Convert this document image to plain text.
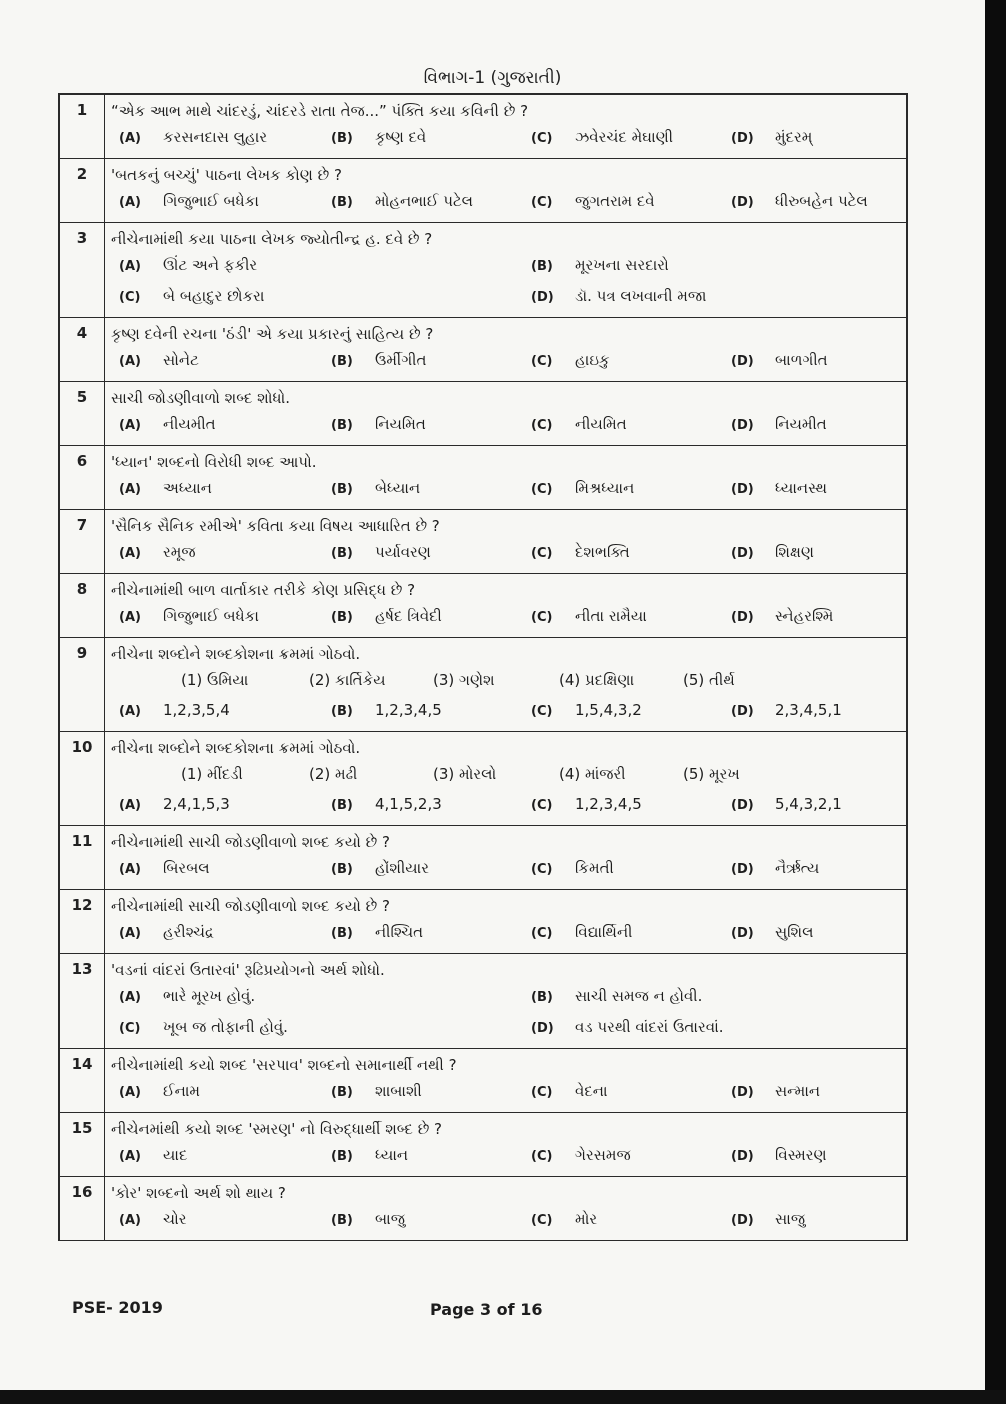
વિભાગ-1 (ગુજરાતી)
1	“એક આભ માથે ચાંદરડું, ચાંદરડે રાતા તેજ...” પંક્તિ કયા કવિની છે ?
(A) કરસનદાસ લુહાર	(B) કૃષ્ણ દવે	(C) ઝવેરચંદ મેઘાણી	(D) મુંદરમ્
2	'બતકનું બચ્ચું' પાઠના લેખક કોણ છે ?
(A) ગિજુભાઈ બધેકા	(B) મોહનભાઈ પટેલ	(C) જુગતરામ દવે	(D) ધીરુબહેન પટેલ
3	નીચેનામાંથી કયા પાઠના લેખક જ્યોતીન્દ્ર હ. દવે છે ?
(A) ઊંટ અને ફકીર	(B) મૂરખના સરદારો
(C) બે બહાદુર છોકરા	(D) ડૉ. પત્ર લખવાની મજા
4	કૃષ્ણ દવેની રચના 'ઠંડી' એ કયા પ્રકારનું સાહિત્ય છે ?
(A) સોનેટ	(B) ઉર્મીગીત	(C) હાઇકુ	(D) બાળગીત
5	સાચી જોડણીવાળો શબ્દ શોધો.
(A) નીયમીત	(B) નિયમિત	(C) નીયમિત	(D) નિયમીત
6	'ધ્યાન' શબ્દનો વિરોધી શબ્દ આપો.
(A) અધ્યાન	(B) બેધ્યાન	(C) મિશ્રધ્યાન	(D) ધ્યાનસ્થ
7	'સૈનિક સૈનિક રમીએ' કવિતા કયા વિષય આધારિત છે ?
(A) રમૂજ	(B) પર્યાવરણ	(C) દેશભક્તિ	(D) શિક્ષણ
8	નીચેનામાંથી બાળ વાર્તાકાર તરીકે કોણ પ્રસિદ્ધ છે ?
(A) ગિજુભાઈ બધેકા	(B) હર્ષદ ત્રિવેદી	(C) નીતા રામૈયા	(D) સ્નેહરશ્મિ
9	નીચેના શબ્દોને શબ્દકોશના ક્રમમાં ગોઠવો.
(1) ઉમિયા	(2) કાર્તિકેય	(3) ગણેશ	(4) પ્રદક્ષિણા	(5) તીર્થ
(A) 1,2,3,5,4	(B) 1,2,3,4,5	(C) 1,5,4,3,2	(D) 2,3,4,5,1
10	નીચેના શબ્દોને શબ્દકોશના ક્રમમાં ગોઠવો.
(1) મીંદડી	(2) મઢી	(3) મોરલો	(4) માંજરી	(5) મૂરખ
(A) 2,4,1,5,3	(B) 4,1,5,2,3	(C) 1,2,3,4,5	(D) 5,4,3,2,1
11	નીચેનામાંથી સાચી જોડણીવાળો શબ્દ કયો છે ?
(A) બિરબલ	(B) હોંશીયાર	(C) કિમતી	(D) નૈર્ઋત્ય
12	નીચેનામાંથી સાચી જોડણીવાળો શબ્દ કયો છે ?
(A) હરીશ્ચંદ્ર	(B) નીશ્ચિત	(C) વિદ્યાર્થિની	(D) સુશિલ
13	'વડનાં વાંદરાં ઉતારવાં' રૂઢિપ્રયોગનો અર્થ શોધો.
(A) ભારે મૂરખ હોવું.	(B) સાચી સમજ ન હોવી.
(C) ખૂબ જ તોફાની હોવું.	(D) વડ પરથી વાંદરાં ઉતારવાં.
14	નીચેનામાંથી કયો શબ્દ 'સરપાવ' શબ્દનો સમાનાર્થી નથી ?
(A) ઈનામ	(B) શાબાશી	(C) વેદના	(D) સન્માન
15	નીચેનમાંથી કયો શબ્દ 'સ્મરણ' નો વિરુદ્ધાર્થી શબ્દ છે ?
(A) યાદ	(B) ધ્યાન	(C) ગેરસમજ	(D) વિસ્મરણ
16	'કોર' શબ્દનો અર્થ શો થાય ?
(A) ચોર	(B) બાજુ	(C) મોર	(D) સાજુ
PSE- 2019	Page 3 of 16
